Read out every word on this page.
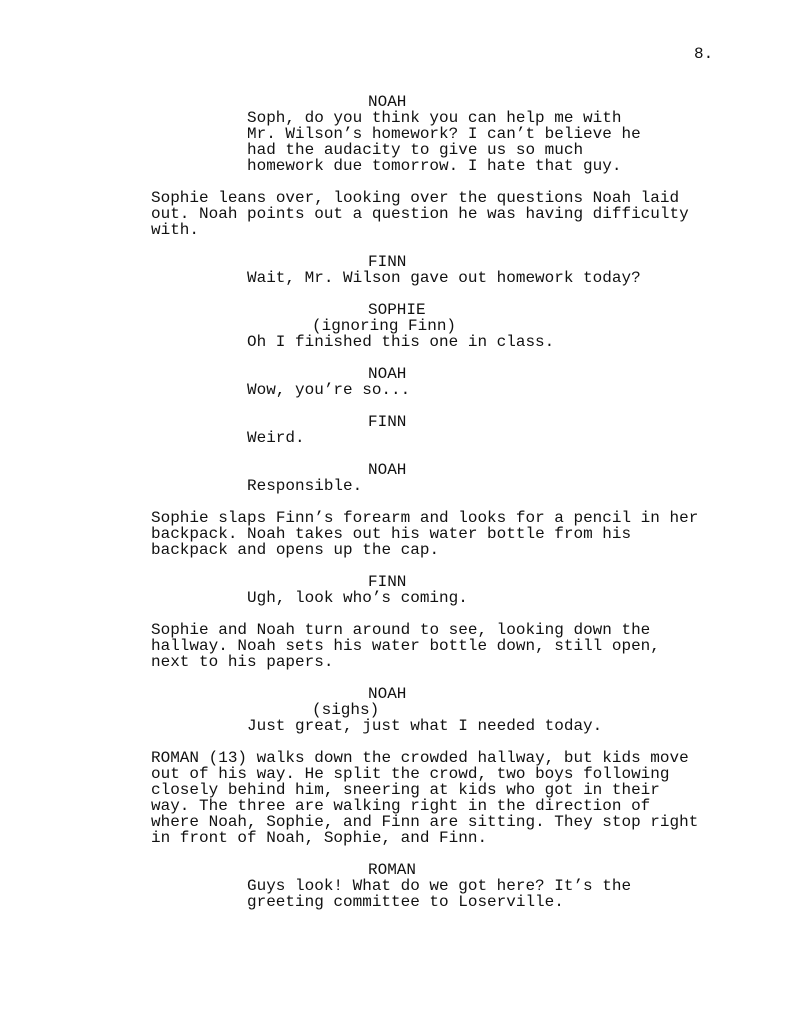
8.
NOAH
Soph, do you think you can help me with
Mr. Wilson’s homework? I can’t believe he
had the audacity to give us so much
homework due tomorrow. I hate that guy.
Sophie leans over, looking over the questions Noah laid
out. Noah points out a question he was having difficulty
with.
FINN
Wait, Mr. Wilson gave out homework today?
SOPHIE
(ignoring Finn)
Oh I finished this one in class.
NOAH
Wow, you’re so...
FINN
Weird.
NOAH
Responsible.
Sophie slaps Finn’s forearm and looks for a pencil in her
backpack. Noah takes out his water bottle from his
backpack and opens up the cap.
FINN
Ugh, look who’s coming.
Sophie and Noah turn around to see, looking down the
hallway. Noah sets his water bottle down, still open,
next to his papers.
NOAH
(sighs)
Just great, just what I needed today.
ROMAN (13) walks down the crowded hallway, but kids move
out of his way. He split the crowd, two boys following
closely behind him, sneering at kids who got in their
way. The three are walking right in the direction of
where Noah, Sophie, and Finn are sitting. They stop right
in front of Noah, Sophie, and Finn.
ROMAN
Guys look! What do we got here? It’s the
greeting committee to Loserville.
